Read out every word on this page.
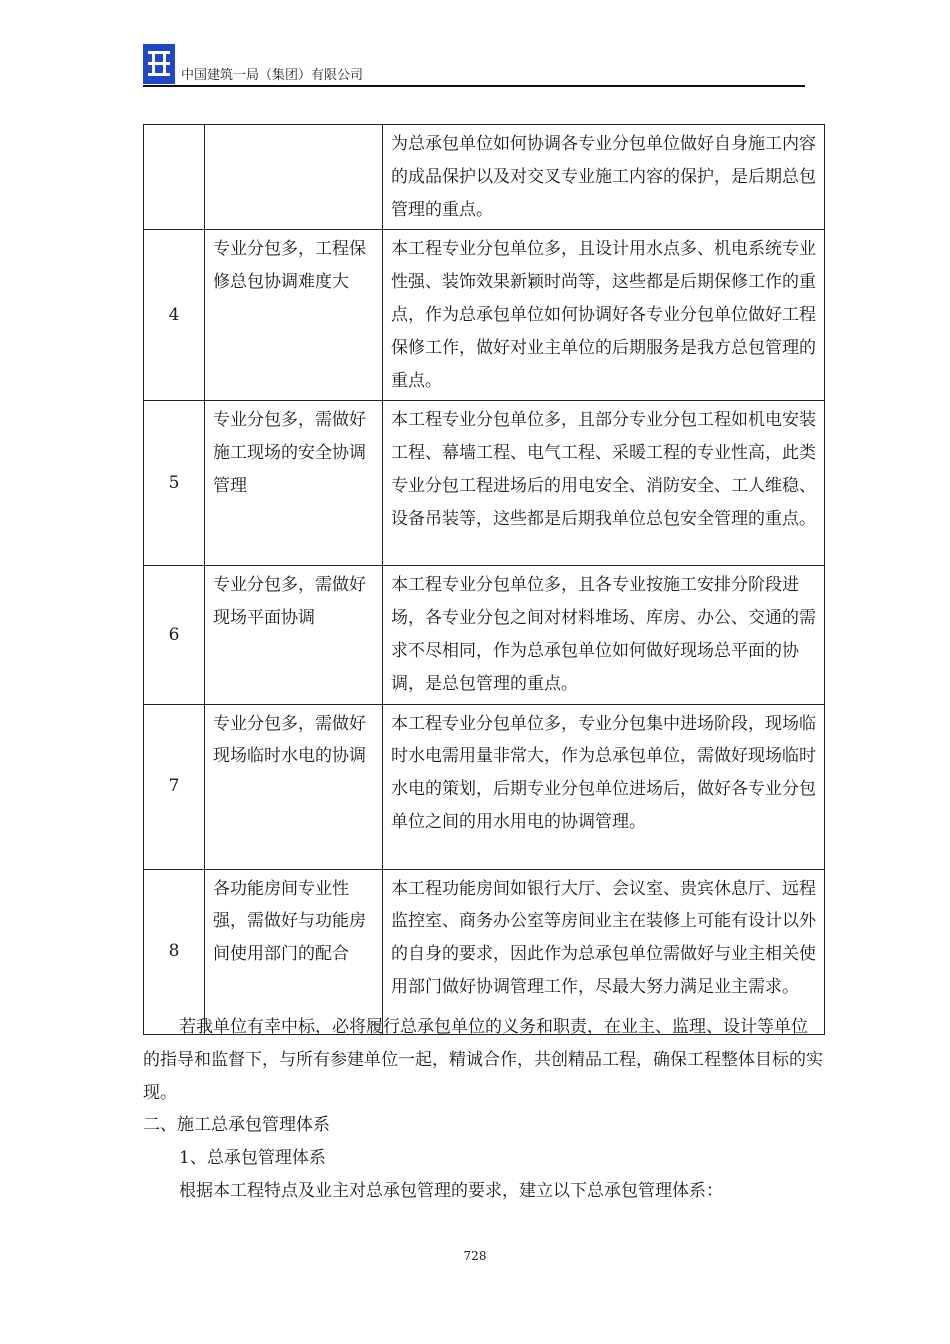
中国建筑一局（集团）有限公司
		为总承包单位如何协调各专业分包单位做好自身施工内容的成品保护以及对交叉专业施工内容的保护，是后期总包管理的重点。
4	专业分包多，工程保修总包协调难度大	本工程专业分包单位多，且设计用水点多、机电系统专业性强、装饰效果新颖时尚等，这些都是后期保修工作的重点，作为总承包单位如何协调好各专业分包单位做好工程保修工作，做好对业主单位的后期服务是我方总包管理的重点。
5	专业分包多，需做好施工现场的安全协调管理	本工程专业分包单位多，且部分专业分包工程如机电安装工程、幕墙工程、电气工程、采暖工程的专业性高，此类专业分包工程进场后的用电安全、消防安全、工人维稳、设备吊装等，这些都是后期我单位总包安全管理的重点。
6	专业分包多，需做好现场平面协调	本工程专业分包单位多，且各专业按施工安排分阶段进场，各专业分包之间对材料堆场、库房、办公、交通的需求不尽相同，作为总承包单位如何做好现场总平面的协调，是总包管理的重点。
7	专业分包多，需做好现场临时水电的协调	本工程专业分包单位多，专业分包集中进场阶段，现场临时水电需用量非常大，作为总承包单位，需做好现场临时水电的策划，后期专业分包单位进场后，做好各专业分包单位之间的用水用电的协调管理。
8	各功能房间专业性强，需做好与功能房间使用部门的配合	本工程功能房间如银行大厅、会议室、贵宾休息厅、远程监控室、商务办公室等房间业主在装修上可能有设计以外的自身的要求，因此作为总承包单位需做好与业主相关使用部门做好协调管理工作，尽最大努力满足业主需求。

若我单位有幸中标，必将履行总承包单位的义务和职责，在业主、监理、设计等单位的指导和监督下，与所有参建单位一起，精诚合作，共创精品工程，确保工程整体目标的实现。

二、施工总承包管理体系

1、总承包管理体系

根据本工程特点及业主对总承包管理的要求，建立以下总承包管理体系：

728
